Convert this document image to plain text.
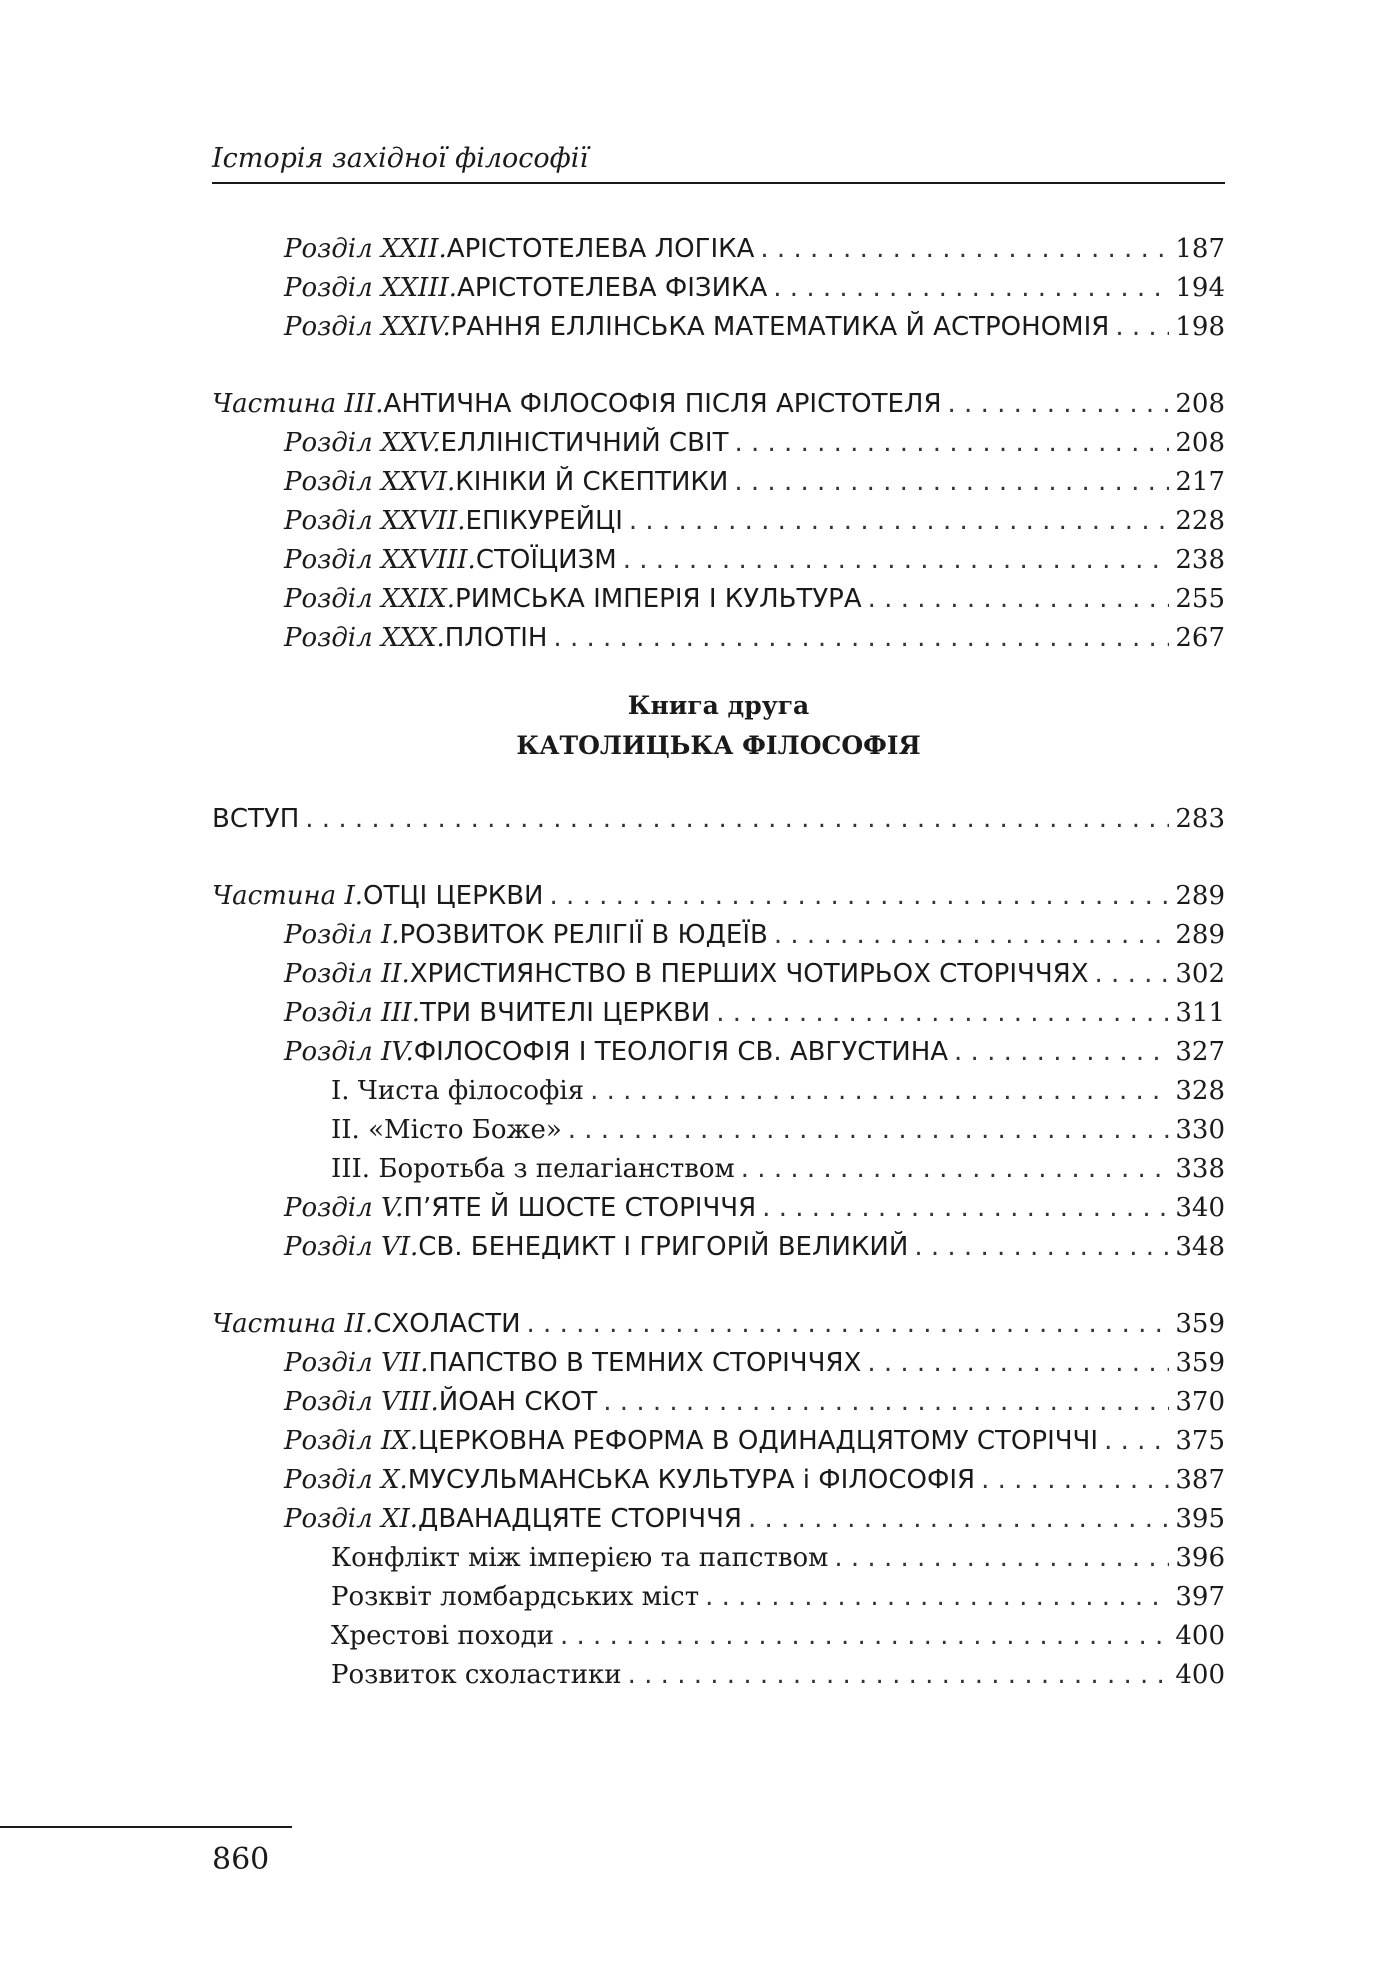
Історія західної філософії
Розділ XXII. АРІСТОТЕЛЕВА ЛОГІКА . . .	187
Розділ XXIII. АРІСТОТЕЛЕВА ФІЗИКА . . .	194
Розділ XXIV. РАННЯ ЕЛЛІНСЬКА МАТЕМАТИКА Й АСТРОНОМІЯ . . .	198
Частина III. АНТИЧНА ФІЛОСОФІЯ ПІСЛЯ АРІСТОТЕЛЯ . . .	208
Розділ XXV. ЕЛЛІНІСТИЧНИЙ СВІТ . . .	208
Розділ XXVI. КІНІКИ Й СКЕПТИКИ . . .	217
Розділ XXVII. ЕПІКУРЕЙЦІ . . .	228
Розділ XXVIII. СТОЇЦИЗМ . . .	238
Розділ XXIX. РИМСЬКА ІМПЕРІЯ І КУЛЬТУРА . . .	255
Розділ XXX. ПЛОТІН . . .	267
Книга друга
КАТОЛИЦЬКА ФІЛОСОФІЯ
ВСТУП . . .	283
Частина I. ОТЦІ ЦЕРКВИ . . .	289
Розділ I. РОЗВИТОК РЕЛІГІЇ В ЮДЕЇВ . . .	289
Розділ II. ХРИСТИЯНСТВО В ПЕРШИХ ЧОТИРЬОХ СТОРІЧЧЯХ . . .	302
Розділ III. ТРИ ВЧИТЕЛІ ЦЕРКВИ . . .	311
Розділ IV. ФІЛОСОФІЯ І ТЕОЛОГІЯ СВ. АВГУСТИНА . . .	327
I. Чиста філософія . . .	328
II. «Місто Боже» . . .	330
III. Боротьба з пелагіанством . . .	338
Розділ V. П’ЯТЕ Й ШОСТЕ СТОРІЧЧЯ . . .	340
Розділ VI. СВ. БЕНЕДИКТ І ГРИГОРІЙ ВЕЛИКИЙ . . .	348
Частина II. СХОЛАСТИ . . .	359
Розділ VII. ПАПСТВО В ТЕМНИХ СТОРІЧЧЯХ . . .	359
Розділ VIII. ЙОАН СКОТ . . .	370
Розділ IX. ЦЕРКОВНА РЕФОРМА В ОДИНАДЦЯТОМУ СТОРІЧЧІ . . .	375
Розділ X. МУСУЛЬМАНСЬКА КУЛЬТУРА і ФІЛОСОФІЯ . . .	387
Розділ XI. ДВАНАДЦЯТЕ СТОРІЧЧЯ . . .	395
Конфлікт між імперією та папством . . .	396
Розквіт ломбардських міст . . .	397
Хрестові походи . . .	400
Розвиток схоластики . . .	400
860
